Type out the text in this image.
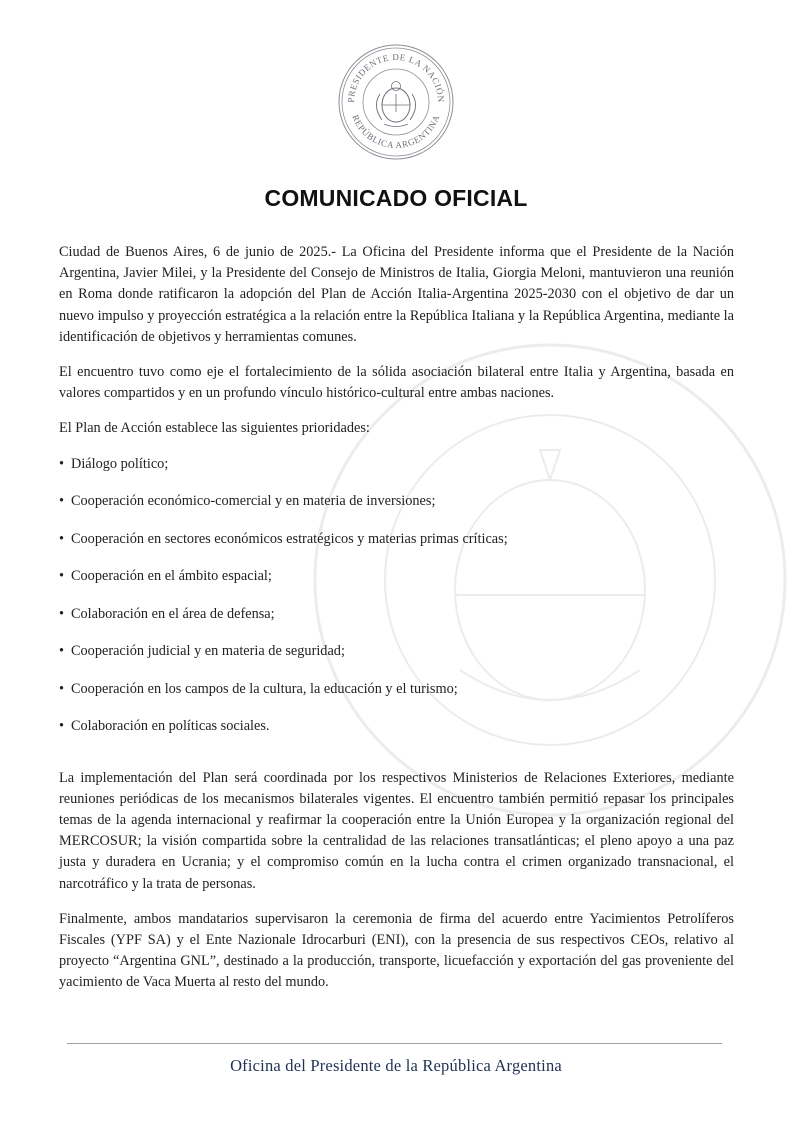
PRESIDENTE DE LA NACIÓN
REPÚBLICA ARGENTINA
COMUNICADO OFICIAL

Ciudad de Buenos Aires, 6 de junio de 2025.- La Oficina del Presidente informa que el Presidente de la Nación Argentina, Javier Milei, y la Presidente del Consejo de Ministros de Italia, Giorgia Meloni, mantuvieron una reunión en Roma donde ratificaron la adopción del Plan de Acción Italia-Argentina 2025-2030 con el objetivo de dar un nuevo impulso y proyección estratégica a la relación entre la República Italiana y la República Argentina, mediante la identificación de objetivos y herramientas comunes.

El encuentro tuvo como eje el fortalecimiento de la sólida asociación bilateral entre Italia y Argentina, basada en valores compartidos y en un profundo vínculo histórico-cultural entre ambas naciones.

El Plan de Acción establece las siguientes prioridades:

• Diálogo político;
• Cooperación económico-comercial y en materia de inversiones;
• Cooperación en sectores económicos estratégicos y materias primas críticas;
• Cooperación en el ámbito espacial;
• Colaboración en el área de defensa;
• Cooperación judicial y en materia de seguridad;
• Cooperación en los campos de la cultura, la educación y el turismo;
• Colaboración en políticas sociales.

La implementación del Plan será coordinada por los respectivos Ministerios de Relaciones Exteriores, mediante reuniones periódicas de los mecanismos bilaterales vigentes. El encuentro también permitió repasar los principales temas de la agenda internacional y reafirmar la cooperación entre la Unión Europea y la organización regional del MERCOSUR; la visión compartida sobre la centralidad de las relaciones transatlánticas; el pleno apoyo a una paz justa y duradera en Ucrania; y el compromiso común en la lucha contra el crimen organizado transnacional, el narcotráfico y la trata de personas.

Finalmente, ambos mandatarios supervisaron la ceremonia de firma del acuerdo entre Yacimientos Petrolíferos Fiscales (YPF SA) y el Ente Nazionale Idrocarburi (ENI), con la presencia de sus respectivos CEOs, relativo al proyecto “Argentina GNL”, destinado a la producción, transporte, licuefacción y exportación del gas proveniente del yacimiento de Vaca Muerta al resto del mundo.

Oficina del Presidente de la República Argentina
